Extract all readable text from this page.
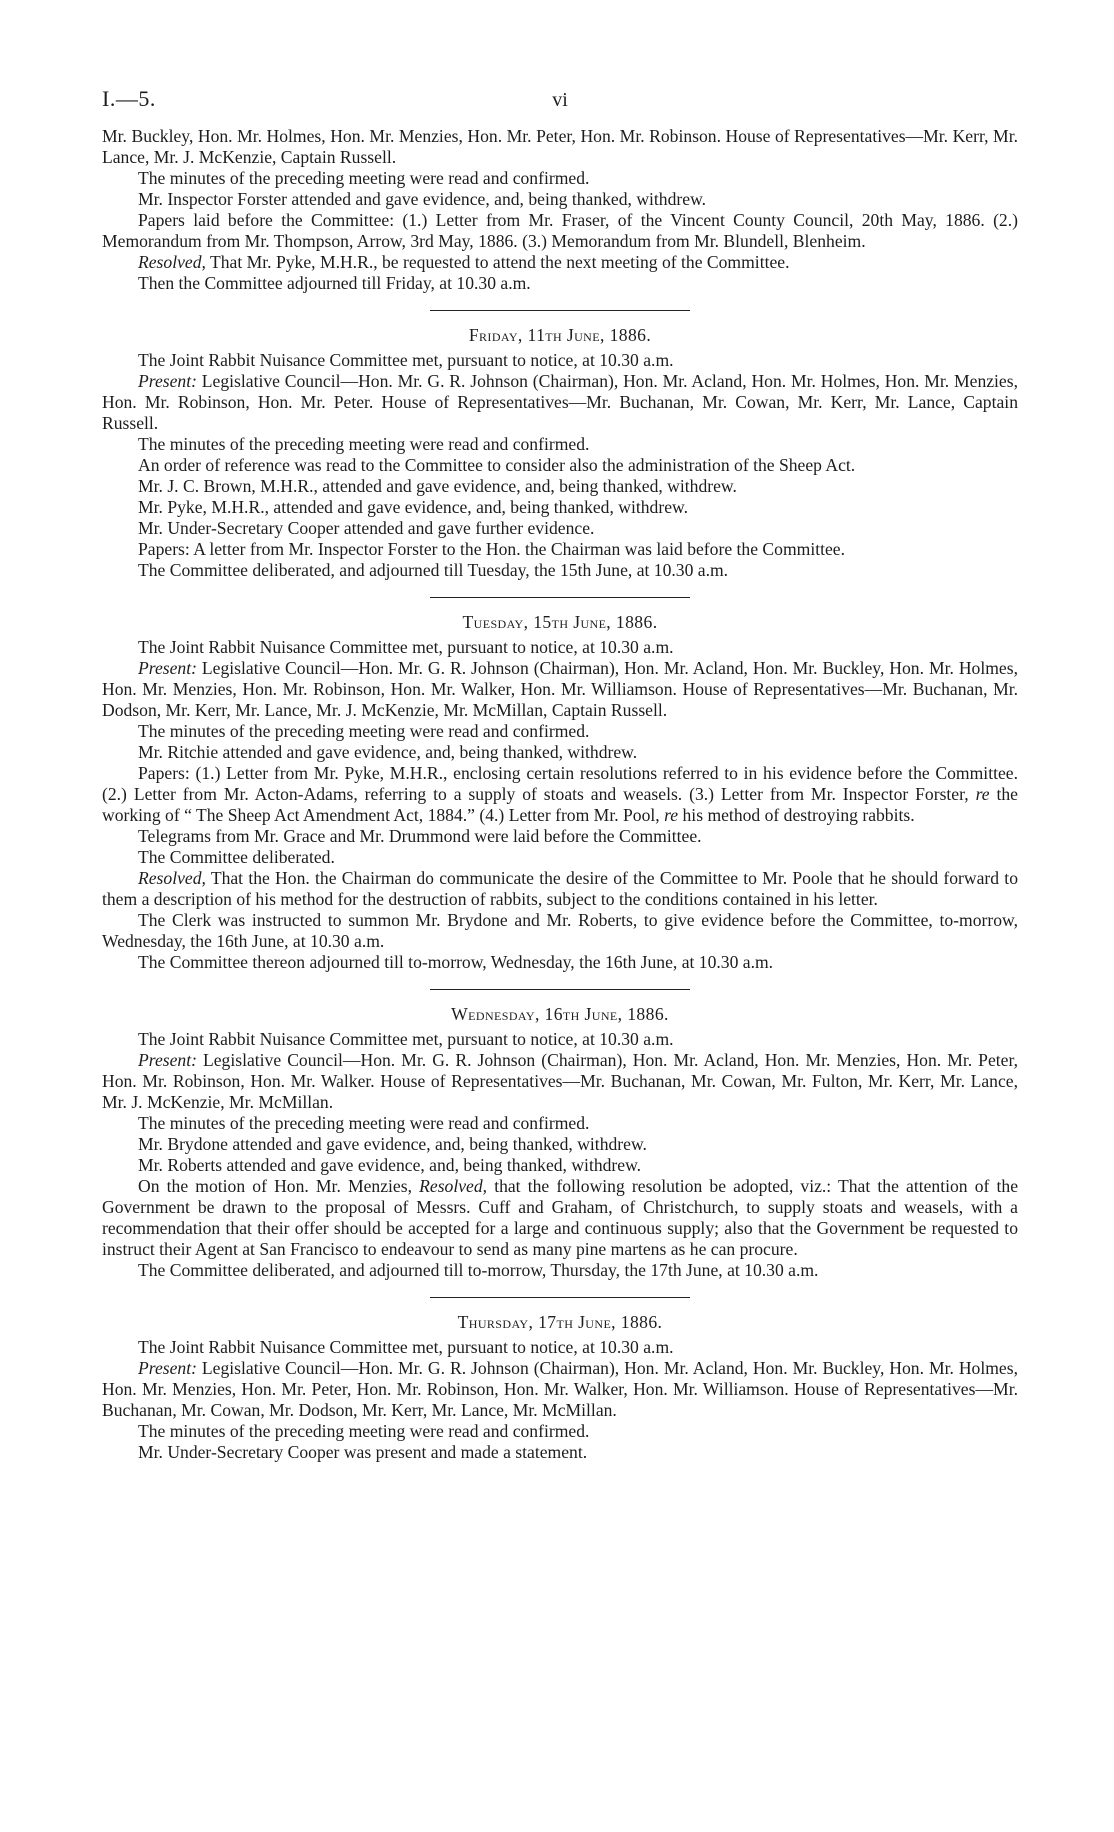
I.—5.	vi

Mr. Buckley, Hon. Mr. Holmes, Hon. Mr. Menzies, Hon. Mr. Peter, Hon. Mr. Robinson. House of Representatives—Mr. Kerr, Mr. Lance, Mr. J. McKenzie, Captain Russell.

The minutes of the preceding meeting were read and confirmed.

Mr. Inspector Forster attended and gave evidence, and, being thanked, withdrew.

Papers laid before the Committee: (1.) Letter from Mr. Fraser, of the Vincent County Council, 20th May, 1886. (2.) Memorandum from Mr. Thompson, Arrow, 3rd May, 1886. (3.) Memorandum from Mr. Blundell, Blenheim.

Resolved, That Mr. Pyke, M.H.R., be requested to attend the next meeting of the Committee.

Then the Committee adjourned till Friday, at 10.30 a.m.

Friday, 11th June, 1886.

The Joint Rabbit Nuisance Committee met, pursuant to notice, at 10.30 a.m.

Present: Legislative Council—Hon. Mr. G. R. Johnson (Chairman), Hon. Mr. Acland, Hon. Mr. Holmes, Hon. Mr. Menzies, Hon. Mr. Robinson, Hon. Mr. Peter. House of Representatives—Mr. Buchanan, Mr. Cowan, Mr. Kerr, Mr. Lance, Captain Russell.

The minutes of the preceding meeting were read and confirmed.

An order of reference was read to the Committee to consider also the administration of the Sheep Act.

Mr. J. C. Brown, M.H.R., attended and gave evidence, and, being thanked, withdrew.

Mr. Pyke, M.H.R., attended and gave evidence, and, being thanked, withdrew.

Mr. Under-Secretary Cooper attended and gave further evidence.

Papers: A letter from Mr. Inspector Forster to the Hon. the Chairman was laid before the Committee.

The Committee deliberated, and adjourned till Tuesday, the 15th June, at 10.30 a.m.

Tuesday, 15th June, 1886.

The Joint Rabbit Nuisance Committee met, pursuant to notice, at 10.30 a.m.

Present: Legislative Council—Hon. Mr. G. R. Johnson (Chairman), Hon. Mr. Acland, Hon. Mr. Buckley, Hon. Mr. Holmes, Hon. Mr. Menzies, Hon. Mr. Robinson, Hon. Mr. Walker, Hon. Mr. Williamson. House of Representatives—Mr. Buchanan, Mr. Dodson, Mr. Kerr, Mr. Lance, Mr. J. McKenzie, Mr. McMillan, Captain Russell.

The minutes of the preceding meeting were read and confirmed.

Mr. Ritchie attended and gave evidence, and, being thanked, withdrew.

Papers: (1.) Letter from Mr. Pyke, M.H.R., enclosing certain resolutions referred to in his evidence before the Committee. (2.) Letter from Mr. Acton-Adams, referring to a supply of stoats and weasels. (3.) Letter from Mr. Inspector Forster, re the working of “ The Sheep Act Amendment Act, 1884.” (4.) Letter from Mr. Pool, re his method of destroying rabbits.

Telegrams from Mr. Grace and Mr. Drummond were laid before the Committee.

The Committee deliberated.

Resolved, That the Hon. the Chairman do communicate the desire of the Committee to Mr. Poole that he should forward to them a description of his method for the destruction of rabbits, subject to the conditions contained in his letter.

The Clerk was instructed to summon Mr. Brydone and Mr. Roberts, to give evidence before the Committee, to-morrow, Wednesday, the 16th June, at 10.30 a.m.

The Committee thereon adjourned till to-morrow, Wednesday, the 16th June, at 10.30 a.m.

Wednesday, 16th June, 1886.

The Joint Rabbit Nuisance Committee met, pursuant to notice, at 10.30 a.m.

Present: Legislative Council—Hon. Mr. G. R. Johnson (Chairman), Hon. Mr. Acland, Hon. Mr. Menzies, Hon. Mr. Peter, Hon. Mr. Robinson, Hon. Mr. Walker. House of Representatives—Mr. Buchanan, Mr. Cowan, Mr. Fulton, Mr. Kerr, Mr. Lance, Mr. J. McKenzie, Mr. McMillan.

The minutes of the preceding meeting were read and confirmed.

Mr. Brydone attended and gave evidence, and, being thanked, withdrew.

Mr. Roberts attended and gave evidence, and, being thanked, withdrew.

On the motion of Hon. Mr. Menzies, Resolved, that the following resolution be adopted, viz.: That the attention of the Government be drawn to the proposal of Messrs. Cuff and Graham, of Christchurch, to supply stoats and weasels, with a recommendation that their offer should be accepted for a large and continuous supply; also that the Government be requested to instruct their Agent at San Francisco to endeavour to send as many pine martens as he can procure.

The Committee deliberated, and adjourned till to-morrow, Thursday, the 17th June, at 10.30 a.m.

Thursday, 17th June, 1886.

The Joint Rabbit Nuisance Committee met, pursuant to notice, at 10.30 a.m.

Present: Legislative Council—Hon. Mr. G. R. Johnson (Chairman), Hon. Mr. Acland, Hon. Mr. Buckley, Hon. Mr. Holmes, Hon. Mr. Menzies, Hon. Mr. Peter, Hon. Mr. Robinson, Hon. Mr. Walker, Hon. Mr. Williamson. House of Representatives—Mr. Buchanan, Mr. Cowan, Mr. Dodson, Mr. Kerr, Mr. Lance, Mr. McMillan.

The minutes of the preceding meeting were read and confirmed.

Mr. Under-Secretary Cooper was present and made a statement.
